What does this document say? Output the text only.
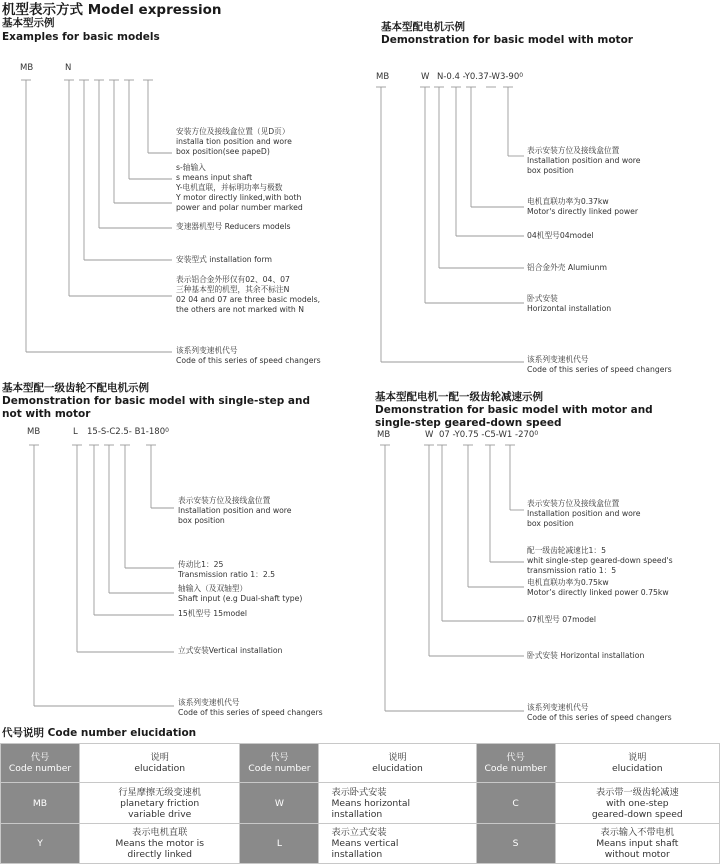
机型表示方式 Model expression
基本型示例
Examples for basic models
MB	N
安装方位及接线盒位置（见D页）
installa tion position and wore
box position(see papeD)
s-轴输入
s means input shaft
Y-电机直联，并标明功率与极数
Y motor directly linked,with both
power and polar number marked
变速器机型号 Reducers models
安装型式 installation form
表示铝合金外形仅有02、04、07
三种基本型的机型，其余不标注N
02 04 and 07 are three basic models,
the others are not marked with N
该系列变速机代号
Code of this series of speed changers
基本型配电机示例
Demonstration for basic model with motor
MB	W N-0.4 $-Y0.37-W3-90^0$
表示安装方位及接线盒位置
Installation position and wore
box position
电机直联功率为0.37kw
Motor's directly linked power
04机型号04model
铝合金外壳 Alumiunm
卧式安装
Horizontal installation
该系列变速机代号
Code of this series of speed changers
基本型配一级齿轮不配电机示例
Demonstration for basic model with single-step and
not with motor
MB	L 15-S-C2.5- $B1-180^0$
表示安装方位及接线盒位置
Installation position and wore
box position
传动比1：25
Transmission ratio 1：2.5
轴输入（及双轴型）
Shaft input (e.g Dual-shaft type)
15机型号 15model
立式安装Vertical installation
该系列变速机代号
Code of this series of speed changers
基本型配电机一配一级齿轮减速示例
Demonstration for basic model with motor and
single-step geared-down speed
MB	W 07 -Y0.75 -C5-W1 $-270^0$
表示安装方位及接线盒位置
Installation position and wore
box position
配一级齿轮减速比1：5
whit single-step geared-down speed's
transmission ratio 1：5
电机直联功率为0.75kw
Motor’s directly linked power 0.75kw
07机型号 07model
卧式安装 Horizontal installation
该系列变速机代号
Code of this series of speed changers
代号说明 Code number elucidation
代号
Code number	说明
elucidation	代号
Code number	说明
elucidation	代号
Code number	说明
elucidation

MB	行星摩擦无级变速机
planetary friction
variable drive	W	表示卧式安装
Means horizontal
installation	C	表示带一级齿轮减速
with one-step
geared-down speed

Y	表示电机直联
Means the motor is
directly linked	L	表示立式安装
Means vertical
installation	S	表示输入不带电机
Means input shaft
without motor
